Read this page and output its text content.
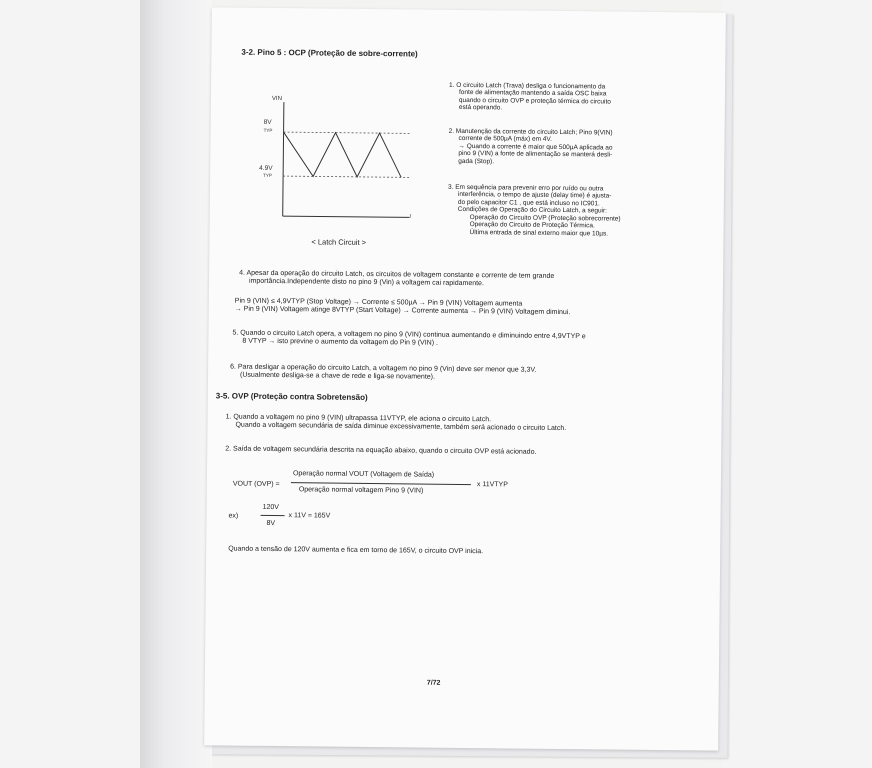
3-2. Pino 5 : OCP (Proteção de sobre-corrente)
VIN
8V
TYP
4.9V
TYP
t
< Latch Circuit >
1. O circuito Latch (Trava) desliga o funcionamento da
fonte de alimentação mantendo a saída OSC baixa
quando o circuito OVP e proteção térmica do circuito
está operando.
2. Manutenção da corrente do circuito Latch; Pino 9(VIN)
corrente de 500µA (máx) em 4V.
→ Quando a corrente é maior que 500µA aplicada ao
pino 9 (VIN) a fonte de alimentação se manterá desli-
gada (Stop).
3. Em sequência para prevenir erro por ruído ou outra
interferência, o tempo de ajuste (delay time) é ajusta-
do pelo capacitor C1 , que está incluso no IC901.
Condições de Operação do Circuito Latch, a seguir:
Operação do Circuito OVP (Proteção sobrecorrente)
Operação do Circuito de Proteção Térmica.
Última entrada de sinal externo maior que 10µs.
4. Apesar da operação do circuito Latch, os circuitos de voltagem constante e corrente de tem grande
importância.Independente disto no pino 9 (Vin) a voltagem cai rapidamente.
Pin 9 (VIN) ≤ 4,9VTYP (Stop Voltage) → Corrente ≤ 500µA → Pin 9 (VIN) Voltagem aumenta
→ Pin 9 (VIN) Voltagem atinge 8VTYP (Start Voltage) → Corrente aumenta → Pin 9 (VIN) Voltagem diminui.
5. Quando o circuito Latch opera, a voltagem no pino 9 (VIN) continua aumentando e diminuindo entre 4,9VTYP e
8 VTYP → isto previne o aumento da voltagem do Pin 9 (VIN) .
6. Para desligar a operação do circuito Latch, a voltagem no pino 9 (Vin) deve ser menor que 3,3V.
(Usualmente desliga-se a chave de rede e liga-se novamente).
3-5. OVP (Proteção contra Sobretensão)
1. Quando a voltagem no pino 9 (VIN) ultrapassa 11VTYP, ele aciona o circuito Latch.
Quando a voltagem secundária de saída diminue excessivamente, também será acionado o circuito Latch.
2. Saída de voltagem secundária descrita na equação abaixo, quando o circuito OVP está acionado.
VOUT (OVP) =
Operação normal VOUT (Voltagem de Saída)
Operação normal voltagem Pino 9 (VIN)
x 11VTYP
ex)
120V
8V
x 11V = 165V
Quando a tensão de 120V aumenta e fica em torno de 165V, o circuito OVP inicia.
7/72
